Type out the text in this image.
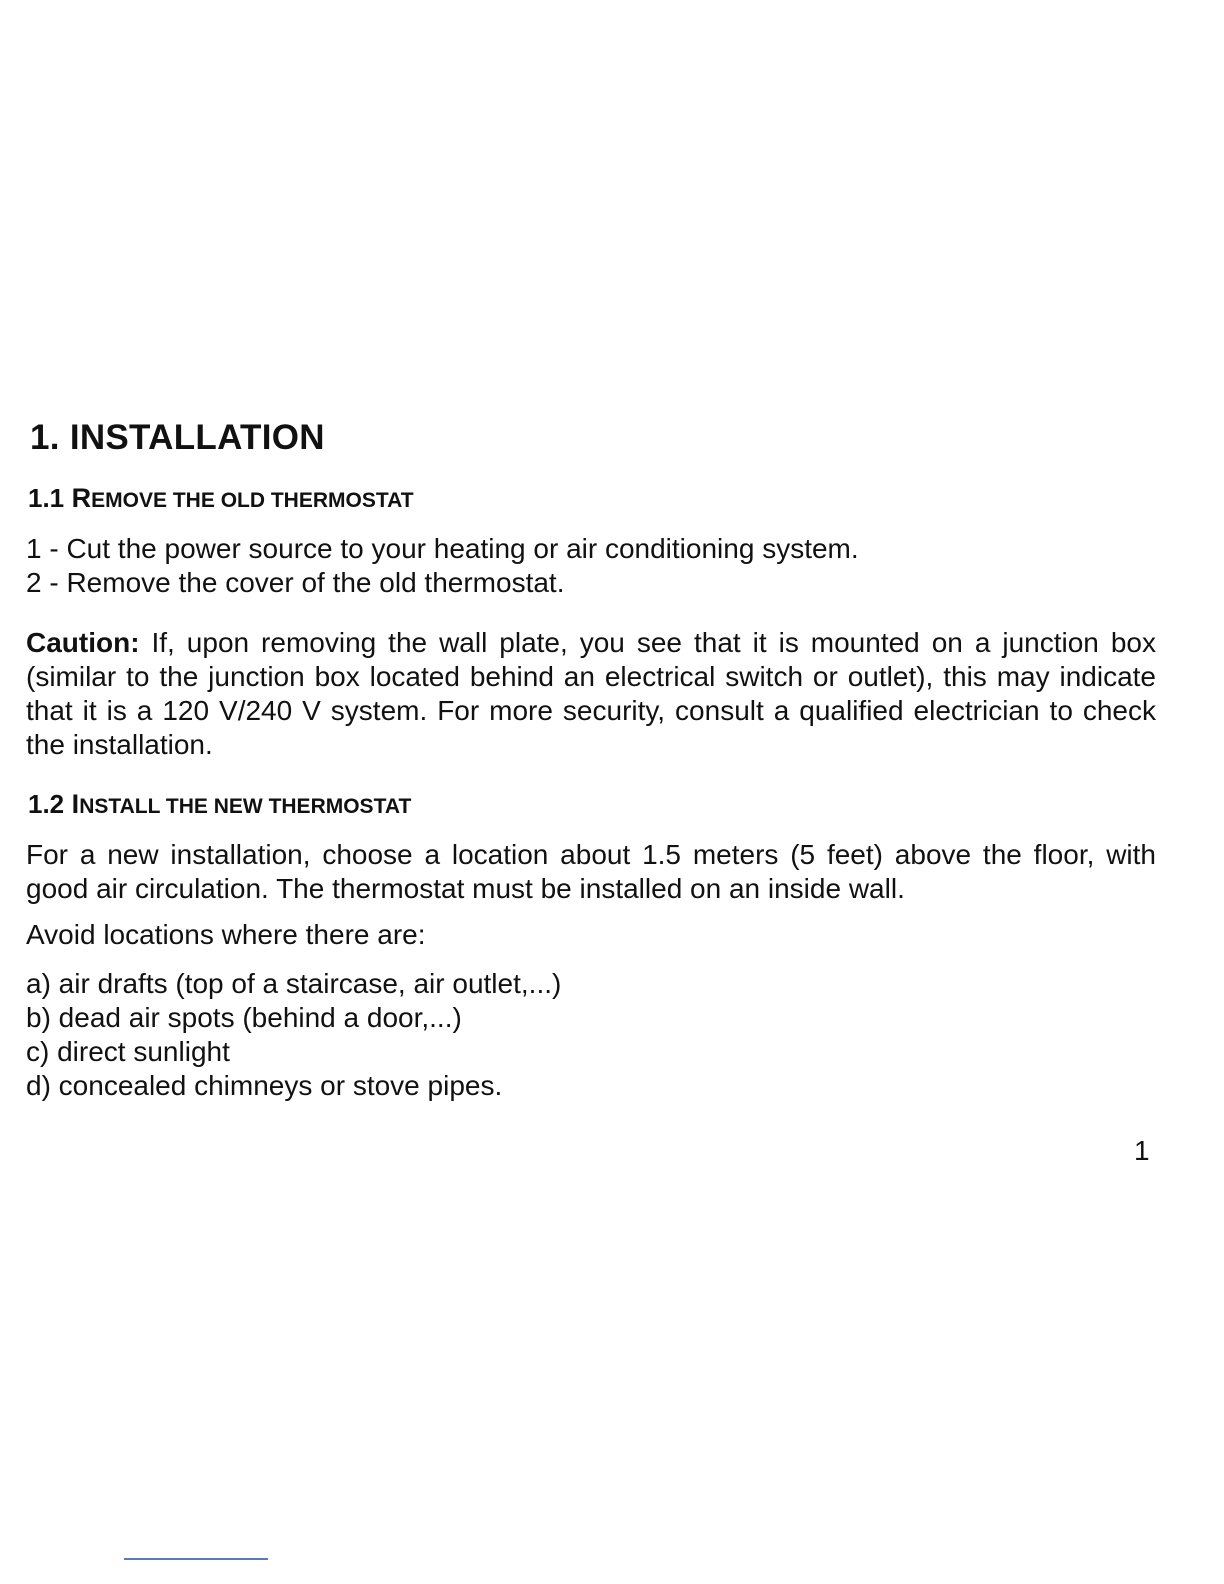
1. INSTALLATION
1.1 REMOVE THE OLD THERMOSTAT

1 - Cut the power source to your heating or air conditioning system.

2 - Remove the cover of the old thermostat.

Caution: If, upon removing the wall plate, you see that it is mounted on a junction box (similar to the junction box located behind an electrical switch or outlet), this may indicate that it is a 120 V/240 V system. For more security, consult a qualified electrician to check the installation.

1.2 INSTALL THE NEW THERMOSTAT

For a new installation, choose a location about 1.5 meters (5 feet) above the floor, with good air circulation. The thermostat must be installed on an inside wall.

Avoid locations where there are:

a) air drafts (top of a staircase, air outlet,...)

b) dead air spots (behind a door,...)

c) direct sunlight

d) concealed chimneys or stove pipes.

1
